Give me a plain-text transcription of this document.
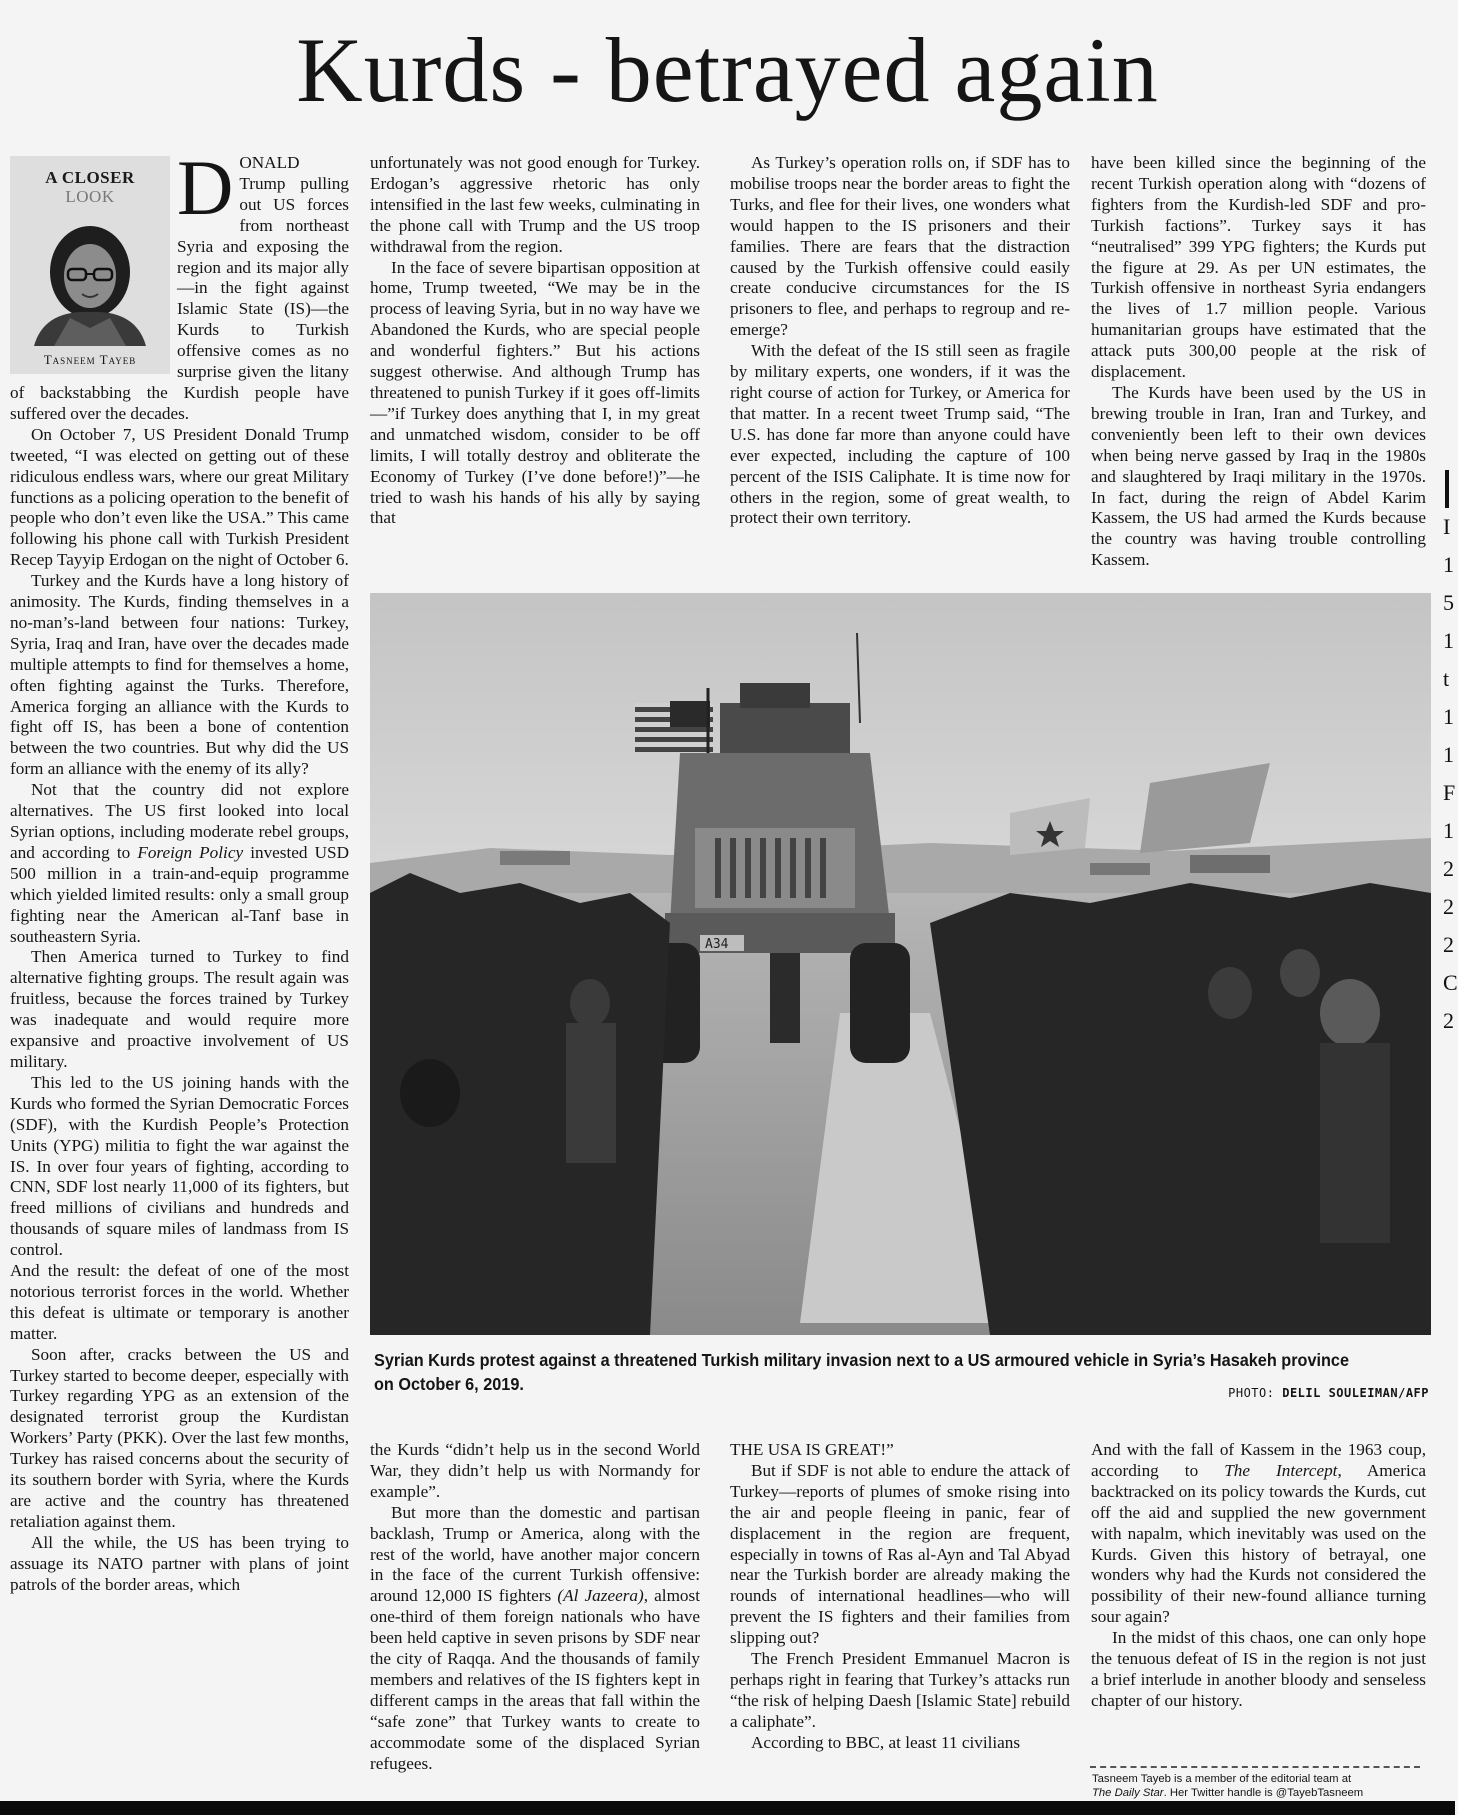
Kurds - betrayed again
A CLOSER
LOOK
Tasneem Tayeb
D ONALD Trump pulling out US forces from northeast Syria and exposing the region and its major ally—in the fight against Islamic State (IS)—the Kurds to Turkish offensive comes as no surprise given the litany of backstabbing the Kurdish people have suffered over the decades.

On October 7, US President Donald Trump tweeted, “I was elected on getting out of these ridiculous endless wars, where our great Military functions as a policing operation to the benefit of people who don’t even like the USA.” This came following his phone call with Turkish President Recep Tayyip Erdogan on the night of October 6.

Turkey and the Kurds have a long history of animosity. The Kurds, finding themselves in a no-man’s-land between four nations: Turkey, Syria, Iraq and Iran, have over the decades made multiple attempts to find for themselves a home, often fighting against the Turks. Therefore, America forging an alliance with the Kurds to fight off IS, has been a bone of contention between the two countries. But why did the US form an alliance with the enemy of its ally?

Not that the country did not explore alternatives. The US first looked into local Syrian options, including moderate rebel groups, and according to Foreign Policy invested USD 500 million in a train-and-equip programme which yielded limited results: only a small group fighting near the American al-Tanf base in southeastern Syria.

Then America turned to Turkey to find alternative fighting groups. The result again was fruitless, because the forces trained by Turkey was inadequate and would require more expansive and proactive involvement of US military.

This led to the US joining hands with the Kurds who formed the Syrian Democratic Forces (SDF), with the Kurdish People’s Protection Units (YPG) militia to fight the war against the IS. In over four years of fighting, according to CNN, SDF lost nearly 11,000 of its fighters, but freed millions of civilians and hundreds and thousands of square miles of landmass from IS control.

And the result: the defeat of one of the most notorious terrorist forces in the world. Whether this defeat is ultimate or temporary is another matter.

Soon after, cracks between the US and Turkey started to become deeper, especially with Turkey regarding YPG as an extension of the designated terrorist group the Kurdistan Workers’ Party (PKK). Over the last few months, Turkey has raised concerns about the security of its southern border with Syria, where the Kurds are active and the country has threatened retaliation against them.

All the while, the US has been trying to assuage its NATO partner with plans of joint patrols of the border areas, which

unfortunately was not good enough for Turkey. Erdogan’s aggressive rhetoric has only intensified in the last few weeks, culminating in the phone call with Trump and the US troop withdrawal from the region.

In the face of severe bipartisan opposition at home, Trump tweeted, “We may be in the process of leaving Syria, but in no way have we Abandoned the Kurds, who are special people and wonderful fighters.” But his actions suggest otherwise. And although Trump has threatened to punish Turkey if it goes off-limits—”if Turkey does anything that I, in my great and unmatched wisdom, consider to be off limits, I will totally destroy and obliterate the Economy of Turkey (I’ve done before!)”—he tried to wash his hands of his ally by saying that

As Turkey’s operation rolls on, if SDF has to mobilise troops near the border areas to fight the Turks, and flee for their lives, one wonders what would happen to the IS prisoners and their families. There are fears that the distraction caused by the Turkish offensive could easily create conducive circumstances for the IS prisoners to flee, and perhaps to regroup and re-emerge?

With the defeat of the IS still seen as fragile by military experts, one wonders, if it was the right course of action for Turkey, or America for that matter. In a recent tweet Trump said, “The U.S. has done far more than anyone could have ever expected, including the capture of 100 percent of the ISIS Caliphate. It is time now for others in the region, some of great wealth, to protect their own territory.

have been killed since the beginning of the recent Turkish operation along with “dozens of fighters from the Kurdish-led SDF and pro-Turkish factions”. Turkey says it has “neutralised” 399 YPG fighters; the Kurds put the figure at 29. As per UN estimates, the Turkish offensive in northeast Syria endangers the lives of 1.7 million people. Various humanitarian groups have estimated that the attack puts 300,00 people at the risk of displacement.

The Kurds have been used by the US in brewing trouble in Iran, Iran and Turkey, and conveniently been left to their own devices when being nerve gassed by Iraq in the 1980s and slaughtered by Iraqi military in the 1970s. In fact, during the reign of Abdel Karim Kassem, the US had armed the Kurds because the country was having trouble controlling Kassem.

A34
Syrian Kurds protest against a threatened Turkish military invasion next to a US armoured vehicle in Syria’s Hasakeh province on October 6, 2019.	PHOTO: DELIL SOULEIMAN/AFP

the Kurds “didn’t help us in the second World War, they didn’t help us with Normandy for example”.

But more than the domestic and partisan backlash, Trump or America, along with the rest of the world, have another major concern in the face of the current Turkish offensive: around 12,000 IS fighters (Al Jazeera), almost one-third of them foreign nationals who have been held captive in seven prisons by SDF near the city of Raqqa. And the thousands of family members and relatives of the IS fighters kept in different camps in the areas that fall within the “safe zone” that Turkey wants to create to accommodate some of the displaced Syrian refugees.

THE USA IS GREAT!”

But if SDF is not able to endure the attack of Turkey—reports of plumes of smoke rising into the air and people fleeing in panic, fear of displacement in the region are frequent, especially in towns of Ras al-Ayn and Tal Abyad near the Turkish border are already making the rounds of international headlines—who will prevent the IS fighters and their families from slipping out?

The French President Emmanuel Macron is perhaps right in fearing that Turkey’s attacks run “the risk of helping Daesh [Islamic State] rebuild a caliphate”.

According to BBC, at least 11 civilians

And with the fall of Kassem in the 1963 coup, according to The Intercept, America backtracked on its policy towards the Kurds, cut off the aid and supplied the new government with napalm, which inevitably was used on the Kurds. Given this history of betrayal, one wonders why had the Kurds not considered the possibility of their new-found alliance turning sour again?

In the midst of this chaos, one can only hope the tenuous defeat of IS in the region is not just a brief interlude in another bloody and senseless chapter of our history.

Tasneem Tayeb is a member of the editorial team at
The Daily Star. Her Twitter handle is @TayebTasneem
I
1
5
1
t
1
1
F
1
2
2
2
C
2
